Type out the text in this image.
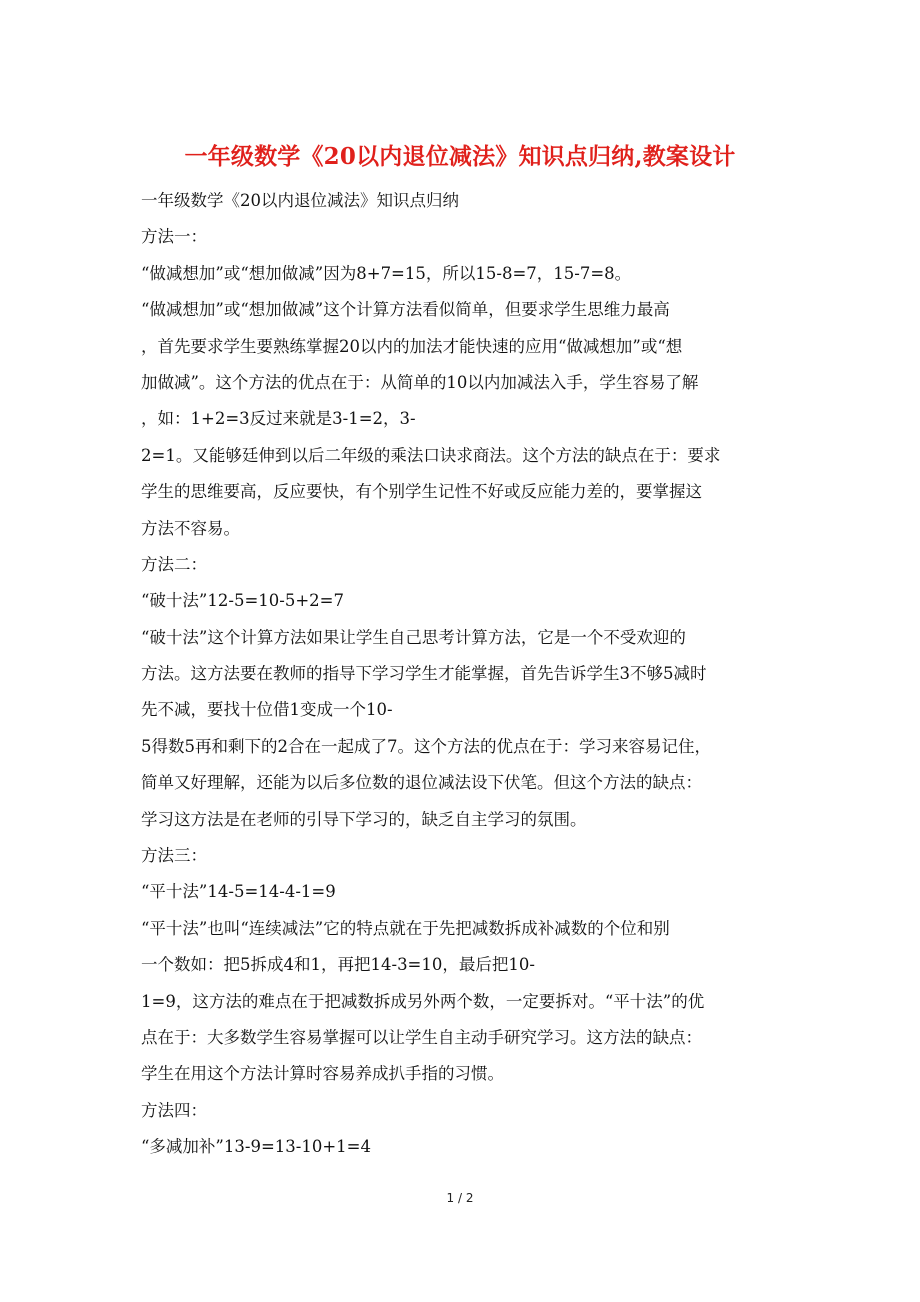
一年级数学《20以内退位减法》知识点归纳,教案设计
一年级数学《20以内退位减法》知识点归纳
方法一：
“做减想加”或“想加做减”因为8+7=15，所以15-8=7，15-7=8。
“做减想加”或“想加做减”这个计算方法看似简单，但要求学生思维力最高
，首先要求学生要熟练掌握20以内的加法才能快速的应用“做减想加”或“想
加做减”。这个方法的优点在于：从简单的10以内加减法入手，学生容易了解
，如：1+2=3反过来就是3-1=2，3-
2=1。又能够廷伸到以后二年级的乘法口诀求商法。这个方法的缺点在于：要求
学生的思维要高，反应要快，有个别学生记性不好或反应能力差的，要掌握这
方法不容易。
方法二：
“破十法”12-5=10-5+2=7
“破十法”这个计算方法如果让学生自己思考计算方法，它是一个不受欢迎的
方法。这方法要在教师的指导下学习学生才能掌握，首先告诉学生3不够5减时
先不减，要找十位借1变成一个10-
5得数5再和剩下的2合在一起成了7。这个方法的优点在于：学习来容易记住，
简单又好理解，还能为以后多位数的退位减法设下伏笔。但这个方法的缺点：
学习这方法是在老师的引导下学习的，缺乏自主学习的氛围。
方法三：
“平十法”14-5=14-4-1=9
“平十法”也叫“连续减法”它的特点就在于先把减数拆成补减数的个位和别
一个数如：把5拆成4和1，再把14-3=10，最后把10-
1=9，这方法的难点在于把减数拆成另外两个数，一定要拆对。“平十法”的优
点在于：大多数学生容易掌握可以让学生自主动手研究学习。这方法的缺点：
学生在用这个方法计算时容易养成扒手指的习惯。
方法四：
“多减加补”13-9=13-10+1=4
1 / 2
